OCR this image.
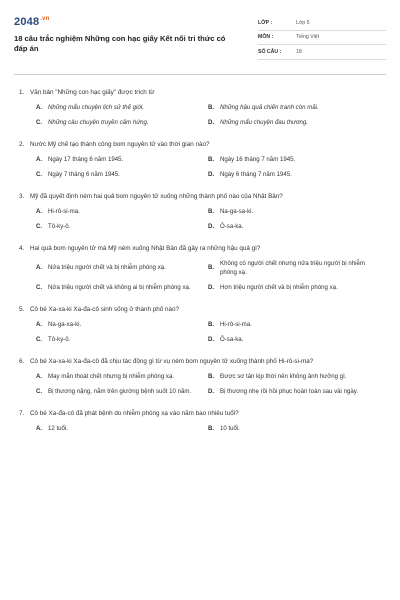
$2048^{.vn}$
18 câu trắc nghiệm Những con hạc giấy Kết nối tri thức có đáp án
LỚP :	Lớp 5
MÔN :	Tiếng Việt
SỐ CÂU :	18
1. Văn bản "Những con hạc giấy" được trích từ
A. Những mẩu chuyện lịch sử thế giới.	B. Những hậu quả chiến tranh còn mãi.
C. Những câu chuyện truyền cảm hứng.	D. Những mẩu chuyện đau thương.
2. Nước Mỹ chế tạo thành công bom nguyên tử vào thời gian nào?
A. Ngày 17 tháng 6 năm 1945.	B. Ngày 16 tháng 7 năm 1945.
C. Ngày 7 tháng 6 năm 1945.	D. Ngày 6 tháng 7 năm 1945.
3. Mỹ đã quyết định ném hai quả bom nguyên tử xuống những thành phố nào của Nhật Bản?
A. Hi-rô-si-ma.	B. Na-ga-sa-ki.
C. Tô-ky-ô.	D. Ô-sa-ka.
4. Hai quả bom nguyên tử mà Mỹ ném xuống Nhật Bản đã gây ra những hậu quả gì?
A. Nửa triệu người chết và bị nhiễm phóng xạ.	B.
Không có người chết nhưng nửa triệu người bị nhiễm phóng xạ.
C. Nửa triệu người chết và không ai bị nhiễm phóng xạ.	D. Hơn triệu người chết và bị nhiễm phóng xạ.
5. Cô bé Xa-xa-ki Xa-đa-cô sinh sống ở thành phố nào?
A. Na-ga-xa-ki.	B. Hi-rô-si-ma.
C. Tô-ky-ô.	D. Ô-sa-ka.
6. Cô bé Xa-xa-ki Xa-đa-cô đã chịu tác động gì từ vụ ném bom nguyên tử xuống thành phố Hi-rô-si-ma?
A. May mắn thoát chết nhưng bị nhiễm phóng xạ.	B. Được sơ tán kịp thời nên không ảnh hưởng gì.
C. Bị thương nặng, nằm trên giường bệnh suốt 10 năm.	D. Bị thương nhẹ rồi hồi phục hoàn toàn sau vài ngày.
7. Cô bé Xa-đa-cô đã phát bệnh do nhiễm phóng xạ vào năm bao nhiêu tuổi?
A. 12 tuổi.	B. 10 tuổi.
